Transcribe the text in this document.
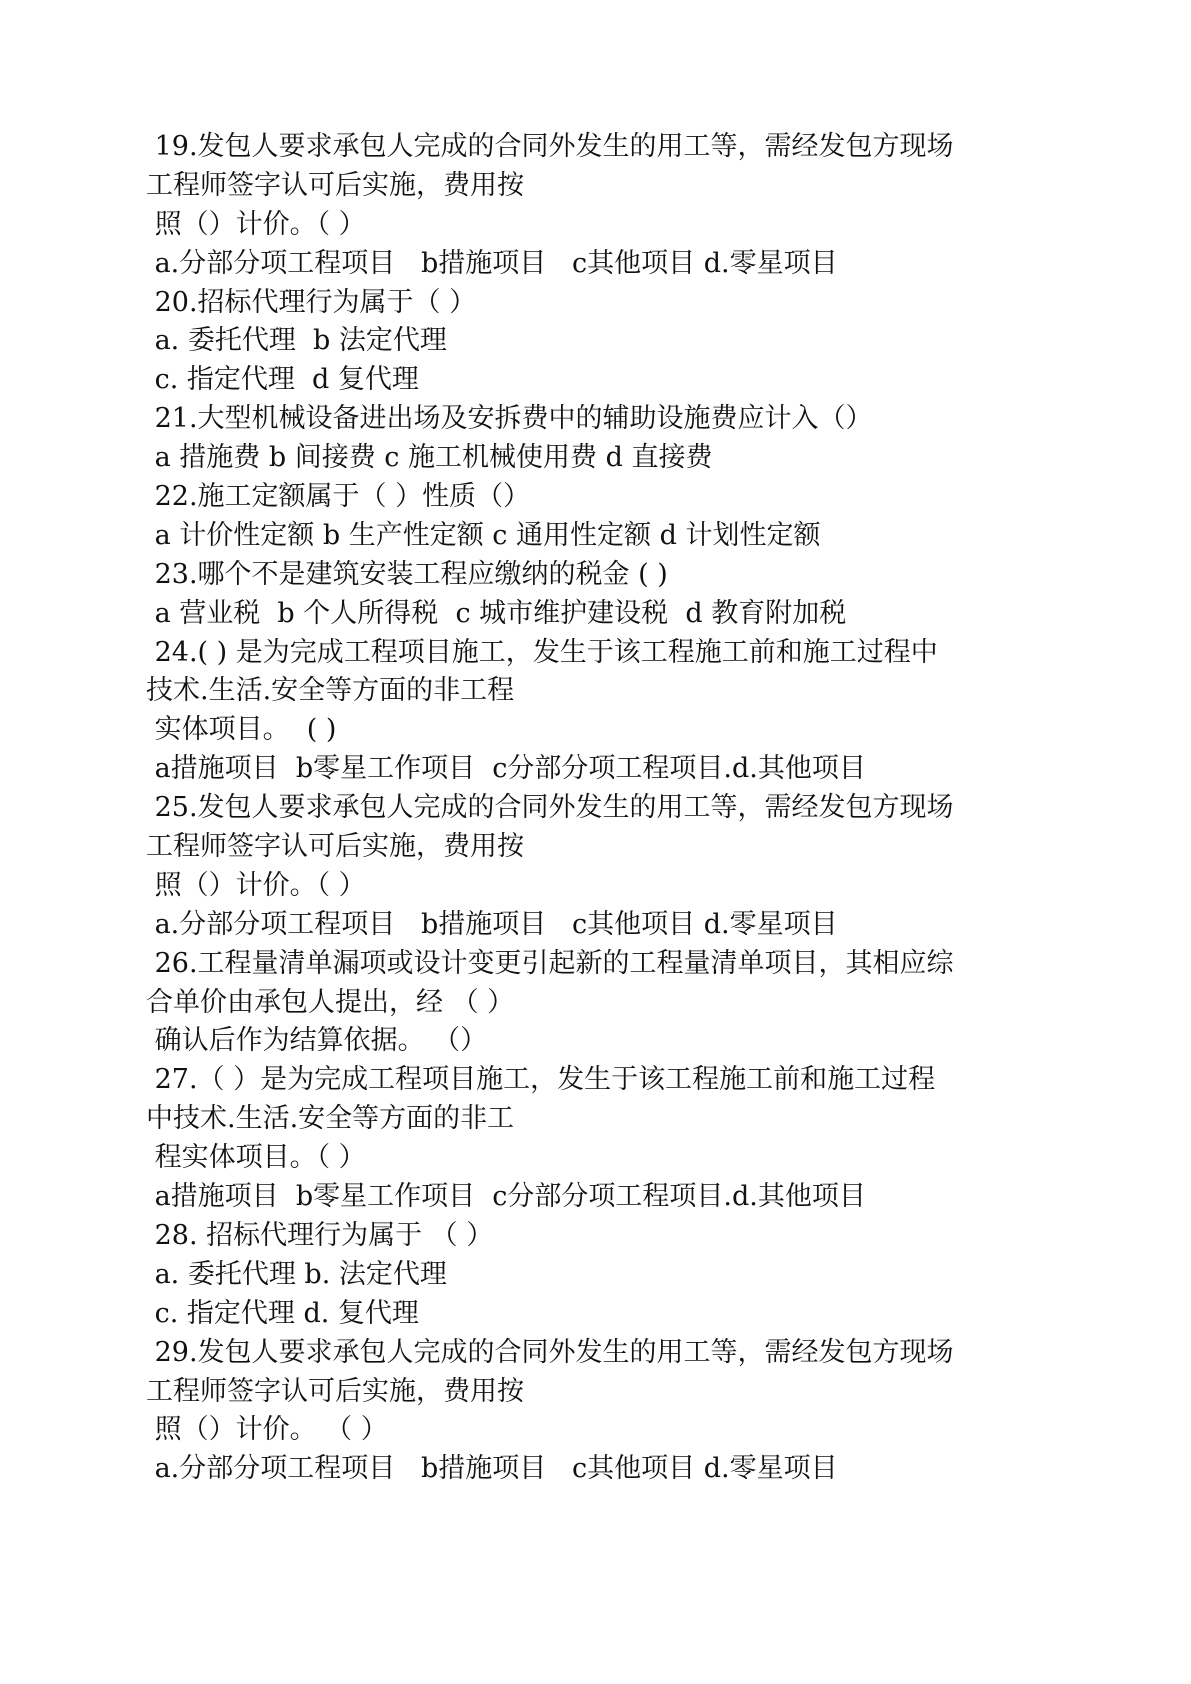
19.发包人要求承包人完成的合同外发生的用工等，需经发包方现场
工程师签字认可后实施，费用按
照（）计价。（ ）
a.分部分项工程项目   b措施项目   c其他项目 d.零星项目
20.招标代理行为属于（ ）
a. 委托代理  b 法定代理
c. 指定代理  d 复代理
21.大型机械设备进出场及安拆费中的辅助设施费应计入（）
a 措施费 b 间接费 c 施工机械使用费 d 直接费
22.施工定额属于（ ）性质（）
a 计价性定额 b 生产性定额 c 通用性定额 d 计划性定额
23.哪个不是建筑安装工程应缴纳的税金 ( )
a 营业税  b 个人所得税  c 城市维护建设税  d 教育附加税
24.( ) 是为完成工程项目施工，发生于该工程施工前和施工过程中
技术.生活.安全等方面的非工程
实体项目。  ( )
a措施项目  b零星工作项目  c分部分项工程项目.d.其他项目
25.发包人要求承包人完成的合同外发生的用工等，需经发包方现场
工程师签字认可后实施，费用按
照（）计价。（ ）
a.分部分项工程项目   b措施项目   c其他项目 d.零星项目
26.工程量清单漏项或设计变更引起新的工程量清单项目，其相应综
合单价由承包人提出，经 （ ）
确认后作为结算依据。 （）
27.（ ）是为完成工程项目施工，发生于该工程施工前和施工过程
中技术.生活.安全等方面的非工
程实体项目。（ ）
a措施项目  b零星工作项目  c分部分项工程项目.d.其他项目
28. 招标代理行为属于 （ ）
a. 委托代理 b. 法定代理
c. 指定代理 d. 复代理
29.发包人要求承包人完成的合同外发生的用工等，需经发包方现场
工程师签字认可后实施，费用按
照（）计价。 （ ）
a.分部分项工程项目   b措施项目   c其他项目 d.零星项目
